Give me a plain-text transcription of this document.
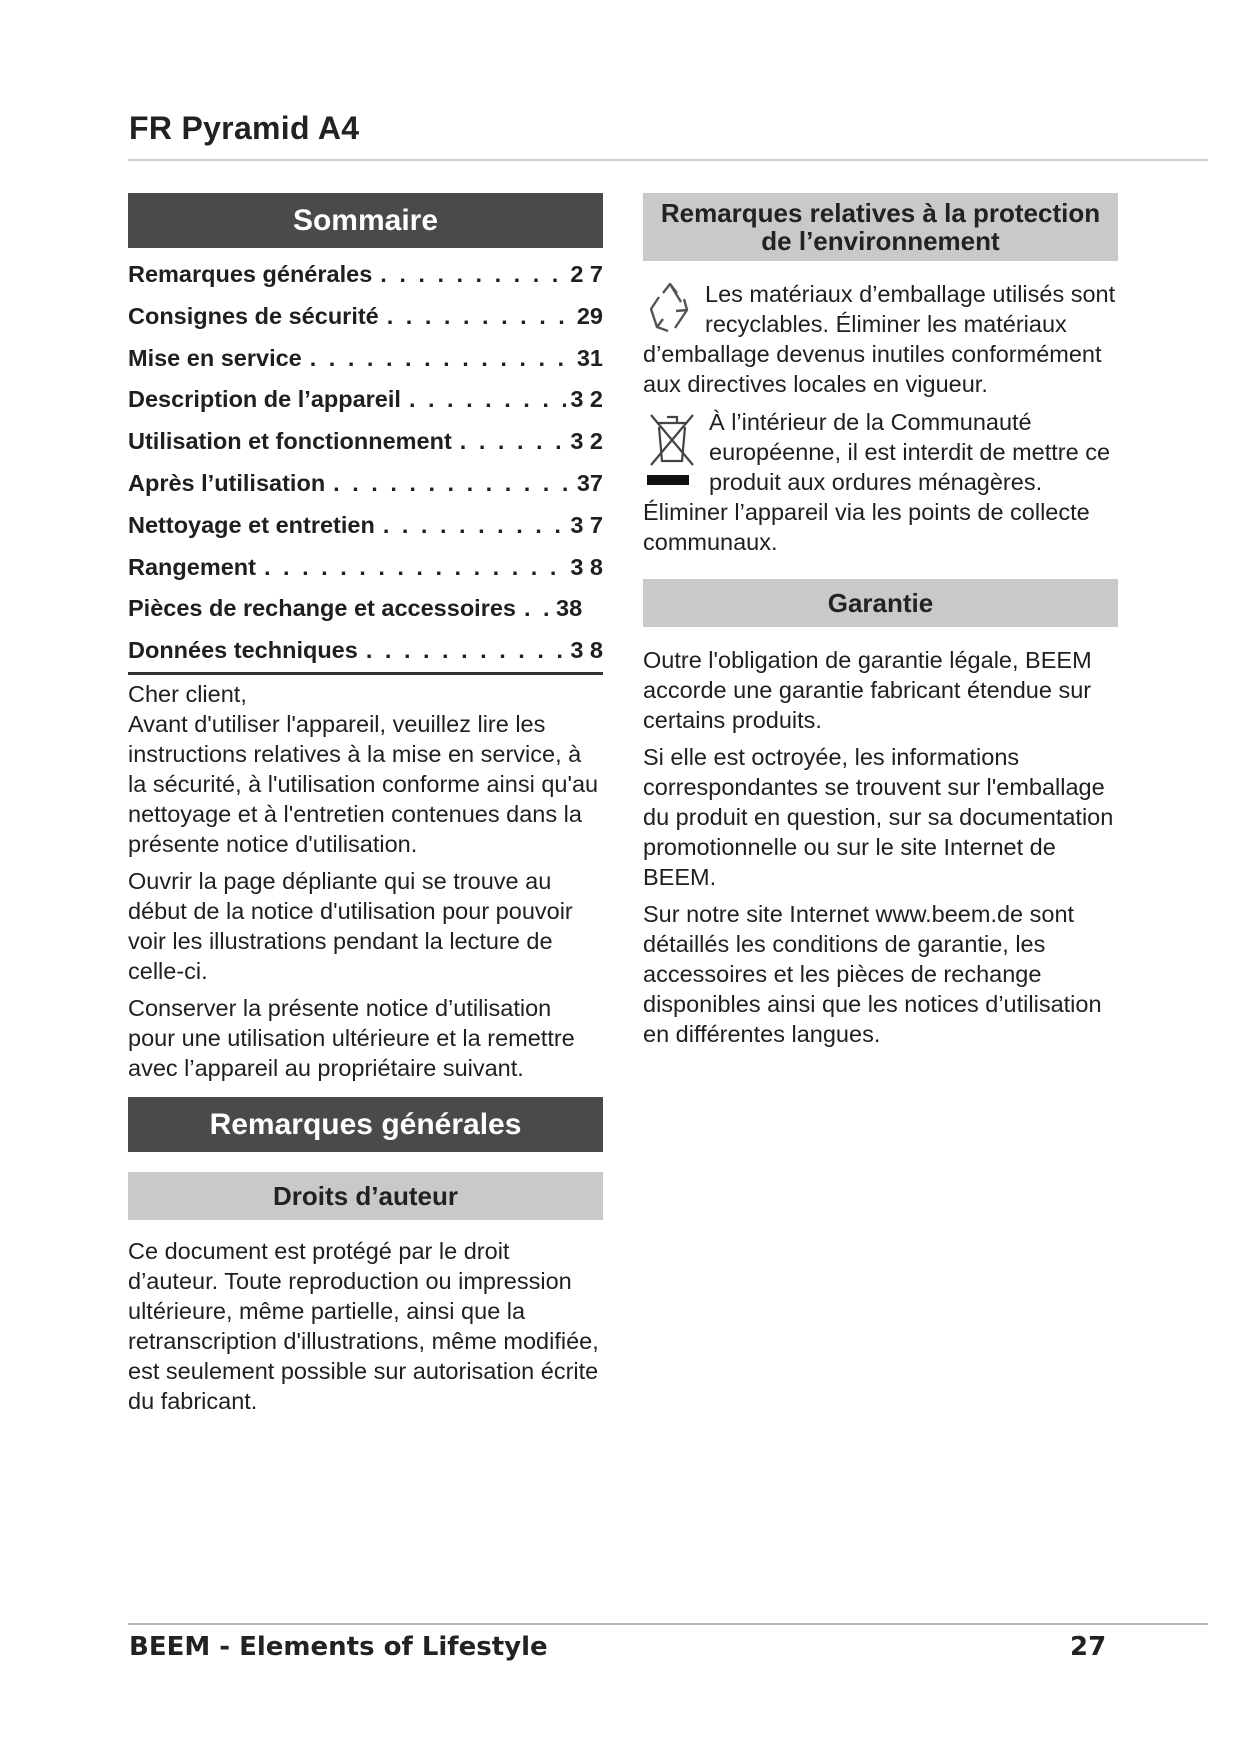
FR Pyramid A4
Sommaire
Remarques générales . . .	2 7
Consignes de sécurité . . .	29
Mise en service . . .	31
Description de l’appareil . . .	3 2
Utilisation et fonctionnement . . .	3 2
Après l’utilisation . . .	37
Nettoyage et entretien . . .	3 7
Rangement . . .	3 8
Pièces de rechange et accessoires . . .	38
Données techniques . . .	3 8

Cher client,
Avant d'utiliser l'appareil, veuillez lire les instructions relatives à la mise en service, à la sécurité, à l'utilisation conforme ainsi qu'au nettoyage et à l'entretien contenues dans la présente notice d'utilisation.

Ouvrir la page dépliante qui se trouve au début de la notice d'utilisation pour pouvoir voir les illustrations pendant la lecture de celle-ci.

Conserver la présente notice d’utilisation pour une utilisation ultérieure et la remettre avec l’appareil au propriétaire suivant.

Remarques générales
Droits d’auteur

Ce document est protégé par le droit d’auteur. Toute reproduction ou impression ultérieure, même partielle, ainsi que la retranscription d'illustrations, même modifiée, est seulement possible sur autorisation écrite du fabricant.

Remarques relatives à la protection de l’environnement

Les matériaux d’emballage utilisés sont recyclables. Éliminer les matériaux d’emballage devenus inutiles conformément aux directives locales en vigueur.

À l’intérieur de la Communauté européenne, il est interdit de mettre ce produit aux ordures ménagères. Éliminer l’appareil via les points de collecte communaux.

Garantie

Outre l'obligation de garantie légale, BEEM accorde une garantie fabricant étendue sur certains produits.

Si elle est octroyée, les informations correspondantes se trouvent sur l'emballage du produit en question, sur sa documentation promotionnelle ou sur le site Internet de BEEM.

Sur notre site Internet www.beem.de sont détaillés les conditions de garantie, les accessoires et les pièces de rechange disponibles ainsi que les notices d’utilisation en différentes langues.

BEEM - Elements of Lifestyle	27
